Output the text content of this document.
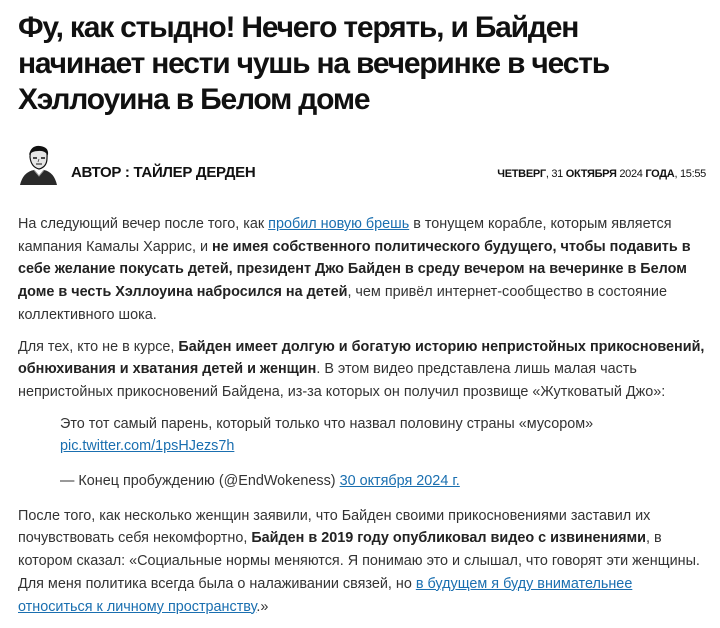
Фу, как стыдно! Нечего терять, и Байден начинает нести чушь на вечеринке в честь Хэллоуина в Белом доме
АВТОР : ТАЙЛЕР ДЕРДЕН	ЧЕТВЕРГ, 31 ОКТЯБРЯ 2024 ГОДА, 15:55

На следующий вечер после того, как пробил новую брешь в тонущем корабле, которым является кампания Камалы Харрис, и не имея собственного политического будущего, чтобы подавить в себе желание покусать детей, президент Джо Байден в среду вечером на вечеринке в Белом доме в честь Хэллоуина набросился на детей, чем привёл интернет-сообщество в состояние коллективного шока.

Для тех, кто не в курсе, Байден имеет долгую и богатую историю непристойных прикосновений, обнюхивания и хватания детей и женщин. В этом видео представлена лишь малая часть непристойных прикосновений Байдена, из-за которых он получил прозвище «Жутковатый Джо»:

Это тот самый парень, который только что назвал половину страны «мусором» pic.twitter.com/1psHJezs7h

— Конец пробуждению (@EndWokeness) 30 октября 2024 г.

После того, как несколько женщин заявили, что Байден своими прикосновениями заставил их почувствовать себя некомфортно, Байден в 2019 году опубликовал видео с извинениями, в котором сказал: «Социальные нормы меняются. Я понимаю это и слышал, что говорят эти женщины. Для меня политика всегда была о налаживании связей, но в будущем я буду внимательнее относиться к личному пространству.»
